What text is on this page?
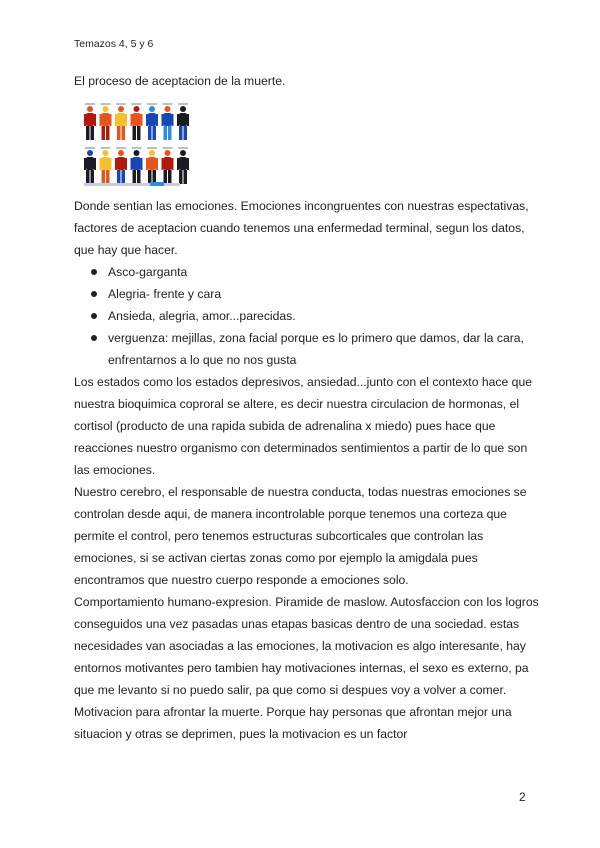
Temazos 4, 5 y 6

El proceso de aceptacion de la muerte.

Donde sentian las emociones. Emociones incongruentes con nuestras espectativas, factores de aceptacion cuando tenemos una enfermedad terminal, segun los datos, que hay que hacer.

Asco-garganta
Alegria- frente y cara
Ansieda, alegria, amor...parecidas.
verguenza: mejillas, zona facial porque es lo primero que damos, dar la cara, enfrentarnos a lo que no nos gusta

Los estados como los estados depresivos, ansiedad...junto con el contexto hace que nuestra bioquimica coproral se altere, es decir nuestra circulacion de hormonas, el cortisol (producto de una rapida subida de adrenalina x miedo) pues hace que reacciones nuestro organismo con determinados sentimientos a partir de lo que son las emociones.

Nuestro cerebro, el responsable de nuestra conducta, todas nuestras emociones se controlan desde aqui, de manera incontrolable porque tenemos una corteza que permite el control, pero tenemos estructuras subcorticales que controlan las emociones, si se activan ciertas zonas como por ejemplo la amigdala pues encontramos que nuestro cuerpo responde a emociones solo.

Comportamiento humano-expresion. Piramide de maslow. Autosfaccion con los logros conseguidos una vez pasadas unas etapas basicas dentro de una sociedad. estas necesidades van asociadas a las emociones, la motivacion es algo interesante, hay entornos motivantes pero tambien hay motivaciones internas, el sexo es externo, pa que me levanto si no puedo salir, pa que como si despues voy a volver a comer. Motivacion para afrontar la muerte. Porque hay personas que afrontan mejor una situacion y otras se deprimen, pues la motivacion es un factor

2
